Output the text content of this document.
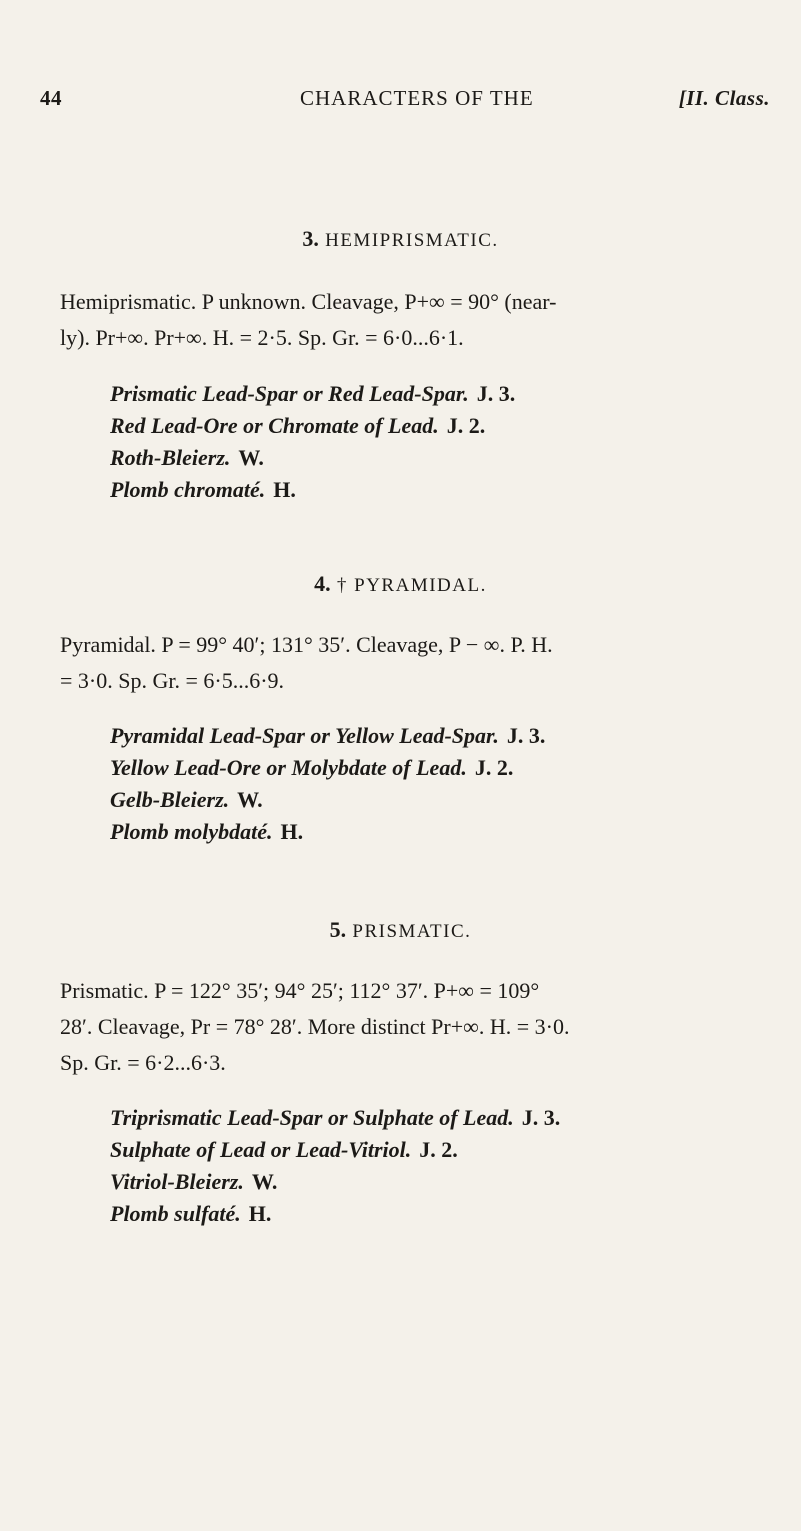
44	CHARACTERS OF THE	[II. Class.
3. HEMIPRISMATIC.
Hemiprismatic. P unknown. Cleavage, P+∞ = 90° (near-
ly). Pr+∞. Pr+∞. H. = 2·5. Sp. Gr. = 6·0...6·1.
Prismatic Lead-Spar or Red Lead-Spar. J. 3.
Red Lead-Ore or Chromate of Lead. J. 2.
Roth-Bleierz. W.
Plomb chromaté. H.
4. † PYRAMIDAL.
Pyramidal. P = 99° 40′; 131° 35′. Cleavage, P − ∞. P. H.
= 3·0. Sp. Gr. = 6·5...6·9.
Pyramidal Lead-Spar or Yellow Lead-Spar. J. 3.
Yellow Lead-Ore or Molybdate of Lead. J. 2.
Gelb-Bleierz. W.
Plomb molybdaté. H.
5. PRISMATIC.
Prismatic. P = 122° 35′; 94° 25′; 112° 37′. P+∞ = 109°
28′. Cleavage, Pr = 78° 28′. More distinct Pr+∞. H. = 3·0.
Sp. Gr. = 6·2...6·3.
Triprismatic Lead-Spar or Sulphate of Lead. J. 3.
Sulphate of Lead or Lead-Vitriol. J. 2.
Vitriol-Bleierz. W.
Plomb sulfaté. H.
